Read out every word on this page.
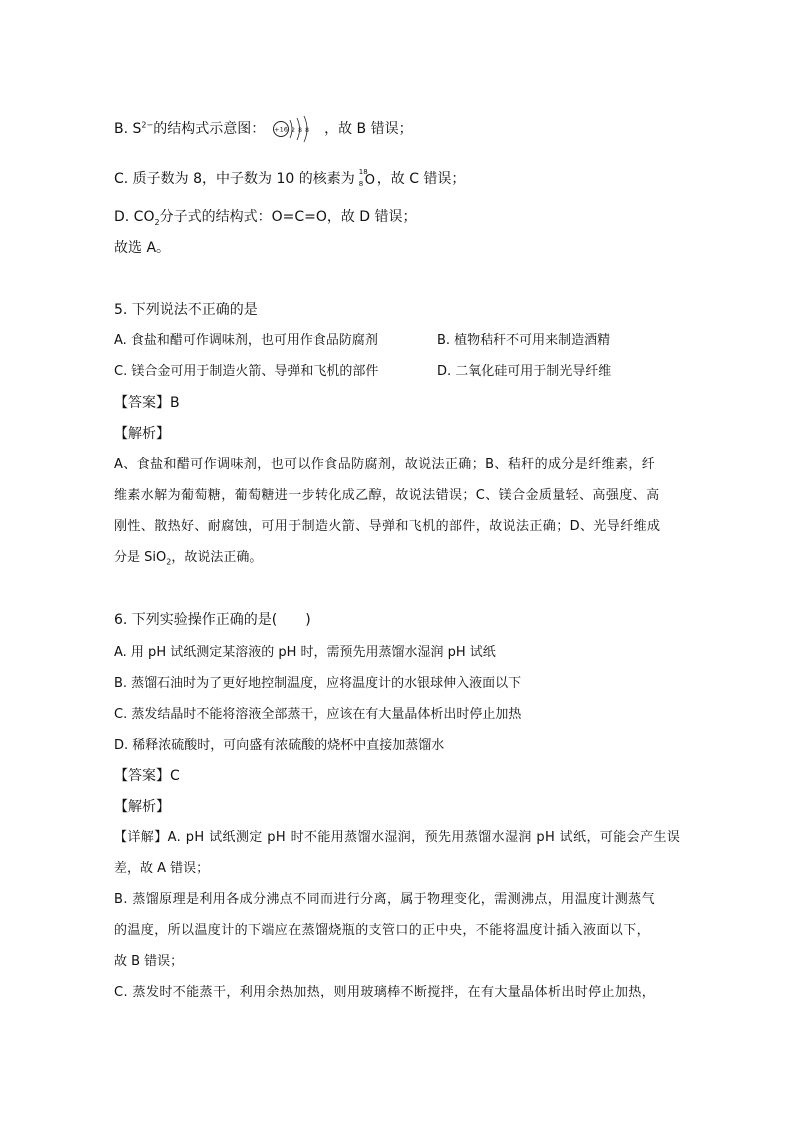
B. $S^{2-}$的结构式示意图： +16 2 8 8 ，故 B 错误；
C. 质子数为 8，中子数为 10 的核素为 18
8 O ，故 C 错误；
D. $CO_2$分子式的结构式：O=C=O，故 D 错误；
故选 A。
5. 下列说法不正确的是
A. 食盐和醋可作调味剂，也可用作食品防腐剂	B. 植物秸秆不可用来制造酒精
C. 镁合金可用于制造火箭、导弹和飞机的部件	D. 二氧化硅可用于制光导纤维
【答案】B
【解析】
A、食盐和醋可作调味剂，也可以作食品防腐剂，故说法正确；B、秸秆的成分是纤维素，纤
维素水解为葡萄糖，葡萄糖进一步转化成乙醇，故说法错误；C、镁合金质量轻、高强度、高
刚性、散热好、耐腐蚀，可用于制造火箭、导弹和飞机的部件，故说法正确；D、光导纤维成
分是 SiO$_2$，故说法正确。
6. 下列实验操作正确的是(　　)
A. 用 pH 试纸测定某溶液的 pH 时，需预先用蒸馏水湿润 pH 试纸
B. 蒸馏石油时为了更好地控制温度，应将温度计的水银球伸入液面以下
C. 蒸发结晶时不能将溶液全部蒸干，应该在有大量晶体析出时停止加热
D. 稀释浓硫酸时，可向盛有浓硫酸的烧杯中直接加蒸馏水
【答案】C
【解析】
【详解】A. pH 试纸测定 pH 时不能用蒸馏水湿润，预先用蒸馏水湿润 pH 试纸，可能会产生误
差，故 A 错误；
B. 蒸馏原理是利用各成分沸点不同而进行分离，属于物理变化，需测沸点，用温度计测蒸气
的温度，所以温度计的下端应在蒸馏烧瓶的支管口的正中央，不能将温度计插入液面以下，
故 B 错误；
C. 蒸发时不能蒸干，利用余热加热，则用玻璃棒不断搅拌，在有大量晶体析出时停止加热，
